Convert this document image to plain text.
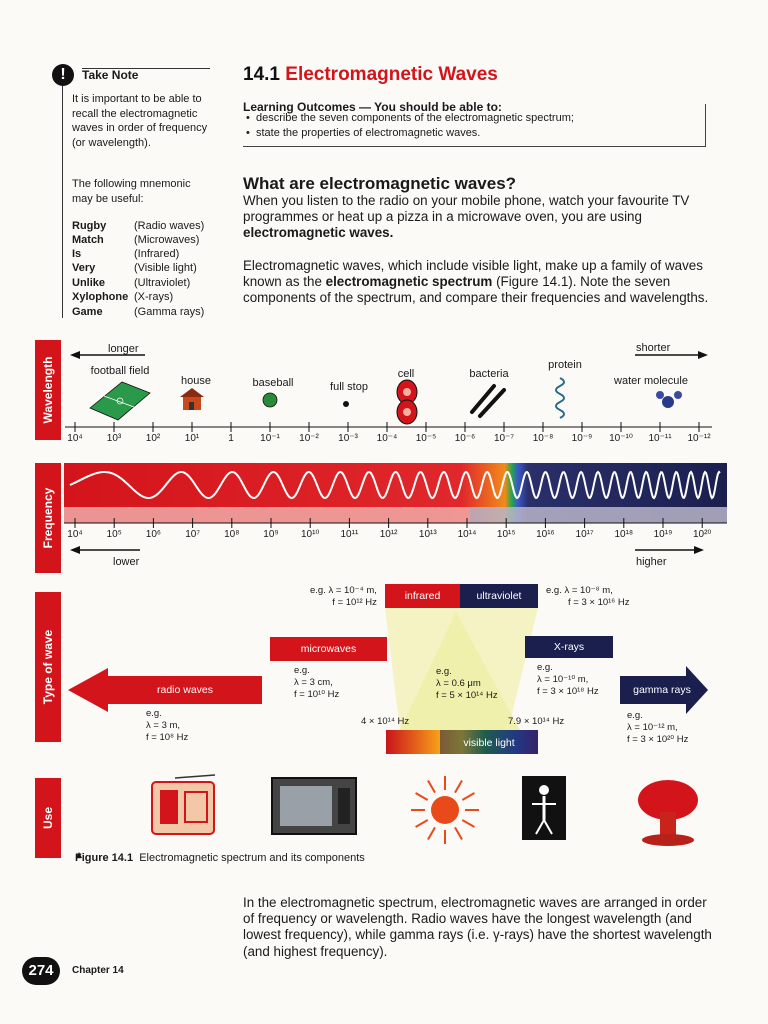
!	Take Note
It is important to be able to recall the electromagnetic waves in order of frequency (or wavelength).
The following mnemonic may be useful:
Rugby	(Radio waves)
Match	(Microwaves)
Is	(Infrared)
Very	(Visible light)
Unlike	(Ultraviolet)
Xylophone (X-rays)
Game	(Gamma rays)
14.1 Electromagnetic Waves
Learning Outcomes — You should be able to:
•  describe the seven components of the electromagnetic spectrum;
•  state the properties of electromagnetic waves.
What are electromagnetic waves?
When you listen to the radio on your mobile phone, watch your favourite TV programmes or heat up a pizza in a microwave oven, you are using electromagnetic waves.
Electromagnetic waves, which include visible light, make up a family of waves known as the electromagnetic spectrum (Figure 14.1). Note the seven components of the spectrum, and compare their frequencies and wavelengths.
Wavelength
Frequency
Type of wave
Use
longer	shorter
football field
house	baseball	full stop
cell	bacteria
protein
water molecule
10⁴ 10³ 10² 10¹	1	10⁻¹ 10⁻² 10⁻³ 10⁻⁴ 10⁻⁵ 10⁻⁶ 10⁻⁷ 10⁻⁸ 10⁻⁹ 10⁻¹⁰ 10⁻¹¹ 10⁻¹²
10⁴ 10⁵ 10⁶ 10⁷ 10⁸ 10⁹ 10¹⁰ 10¹¹ 10¹² 10¹³ 10¹⁴ 10¹⁵ 10¹⁶ 10¹⁷ 10¹⁸ 10¹⁹ 10²⁰
lower	higher
infrared	ultraviolet
microwaves	X-rays
radio waves	gamma rays
visible light
e.g. λ = 10⁻⁴ m,
f = 10¹² Hz
e.g. λ = 10⁻⁸ m,
f = 3 × 10¹⁶ Hz
e.g.
λ = 3 cm,
f = 10¹⁰ Hz
e.g.
λ = 0.6 μm
f = 5 × 10¹⁴ Hz
e.g.
λ = 10⁻¹⁰ m,
f = 3 × 10¹⁸ Hz
e.g.
λ = 3 m,
f = 10⁸ Hz
e.g.
λ = 10⁻¹² m,
f = 3 × 10²⁰ Hz
4 × 10¹⁴ Hz	7.9 × 10¹⁴ Hz
Figure 14.1 Electromagnetic spectrum and its components
In the electromagnetic spectrum, electromagnetic waves are arranged in order of frequency or wavelength. Radio waves have the longest wavelength (and lowest frequency), while gamma rays (i.e. γ-rays) have the shortest wavelength (and highest frequency).
274	Chapter 14
